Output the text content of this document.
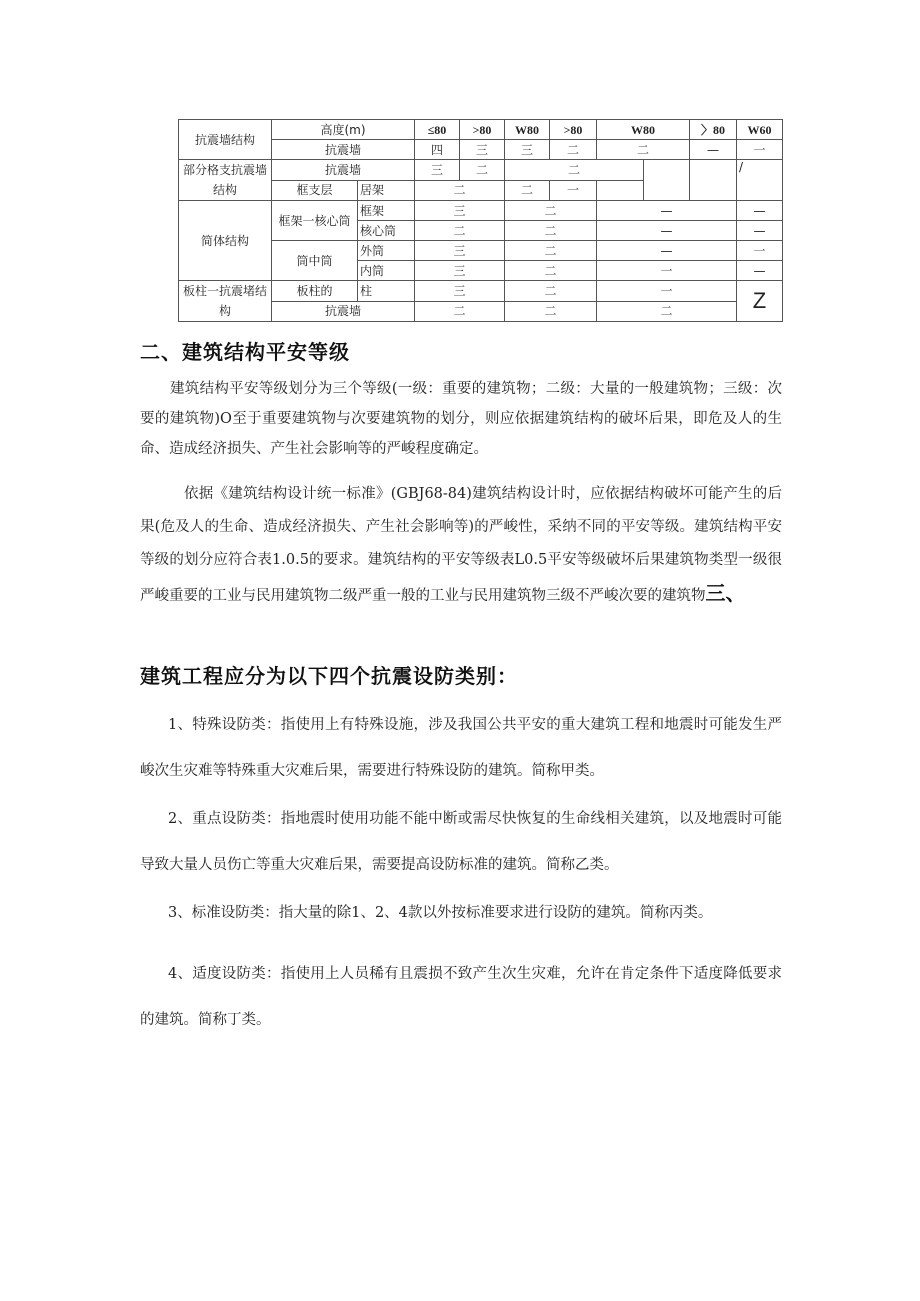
抗震墙结构	高度(m)		≤80	>80	W80	>80	W80		〉80	W60
	抗震墙		四	三	三	二	二		—	一
部分格支抗震墙结构	抗震墙		三	二	二					/
	框支层	居架	二		二	一				
简体结构	框架一核心筒	框架	三		二		—			—
		核心筒	二		二		—			—
	筒中筒	外筒	三		二		—			一
		内筒	三		二		一			—
板柱一抗震堵结构	板柱的	柱	三		二		一			Z
	抗震墙		二		二		二			
二、建筑结构平安等级

建筑结构平安等级划分为三个等级(一级：重要的建筑物；二级：大量的一般建筑物；三级：次要的建筑物)O至于重要建筑物与次要建筑物的划分，则应依据建筑结构的破坏后果，即危及人的生命、造成经济损失、产生社会影响等的严峻程度确定。

依据《建筑结构设计统一标准》(GBJ68-84)建筑结构设计时，应依据结构破坏可能产生的后果(危及人的生命、造成经济损失、产生社会影响等)的严峻性，采纳不同的平安等级。建筑结构平安等级的划分应符合表1.0.5的要求。建筑结构的平安等级表L0.5平安等级破坏后果建筑物类型一级很严峻重要的工业与民用建筑物二级严重一般的工业与民用建筑物三级不严峻次要的建筑物三、

建筑工程应分为以下四个抗震设防类别：

1、特殊设防类：指使用上有特殊设施，涉及我国公共平安的重大建筑工程和地震时可能发生严峻次生灾难等特殊重大灾难后果，需要进行特殊设防的建筑。简称甲类。

2、重点设防类：指地震时使用功能不能中断或需尽快恢复的生命线相关建筑，以及地震时可能导致大量人员伤亡等重大灾难后果，需要提高设防标准的建筑。简称乙类。

3、标准设防类：指大量的除1、2、4款以外按标准要求进行设防的建筑。简称丙类。

4、适度设防类：指使用上人员稀有且震损不致产生次生灾难，允许在肯定条件下适度降低要求的建筑。简称丁类。
